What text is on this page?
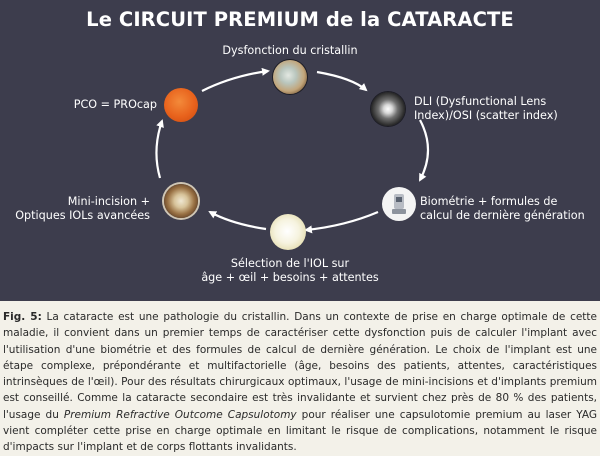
Le CIRCUIT PREMIUM de la CATARACTE
Dysfonction du cristallin
DLI (Dysfunctional Lens
Index)/OSI (scatter index)
Biométrie + formules de
calcul de dernière génération
Sélection de l'IOL sur
âge + œil + besoins + attentes
Mini-incision +
Optiques IOLs avancées
PCO = PROcap
Fig. 5: La cataracte est une pathologie du cristallin. Dans un contexte de prise en charge optimale de cette maladie, il convient dans un premier temps de caractériser cette dysfonction puis de calculer l'implant avec l'utilisation d'une biométrie et des formules de calcul de dernière génération. Le choix de l'implant est une étape complexe, prépondérante et multifactorielle (âge, besoins des patients, attentes, caractéristiques intrinsèques de l'œil). Pour des résultats chirurgicaux optimaux, l'usage de mini-incisions et d'implants premium est conseillé. Comme la cataracte secondaire est très invalidante et survient chez près de 80 % des patients, l'usage du Premium Refractive Outcome Capsulotomy pour réaliser une capsulotomie premium au laser YAG vient compléter cette prise en charge optimale en limitant le risque de complications, notamment le risque d'impacts sur l'implant et de corps flottants invalidants.
